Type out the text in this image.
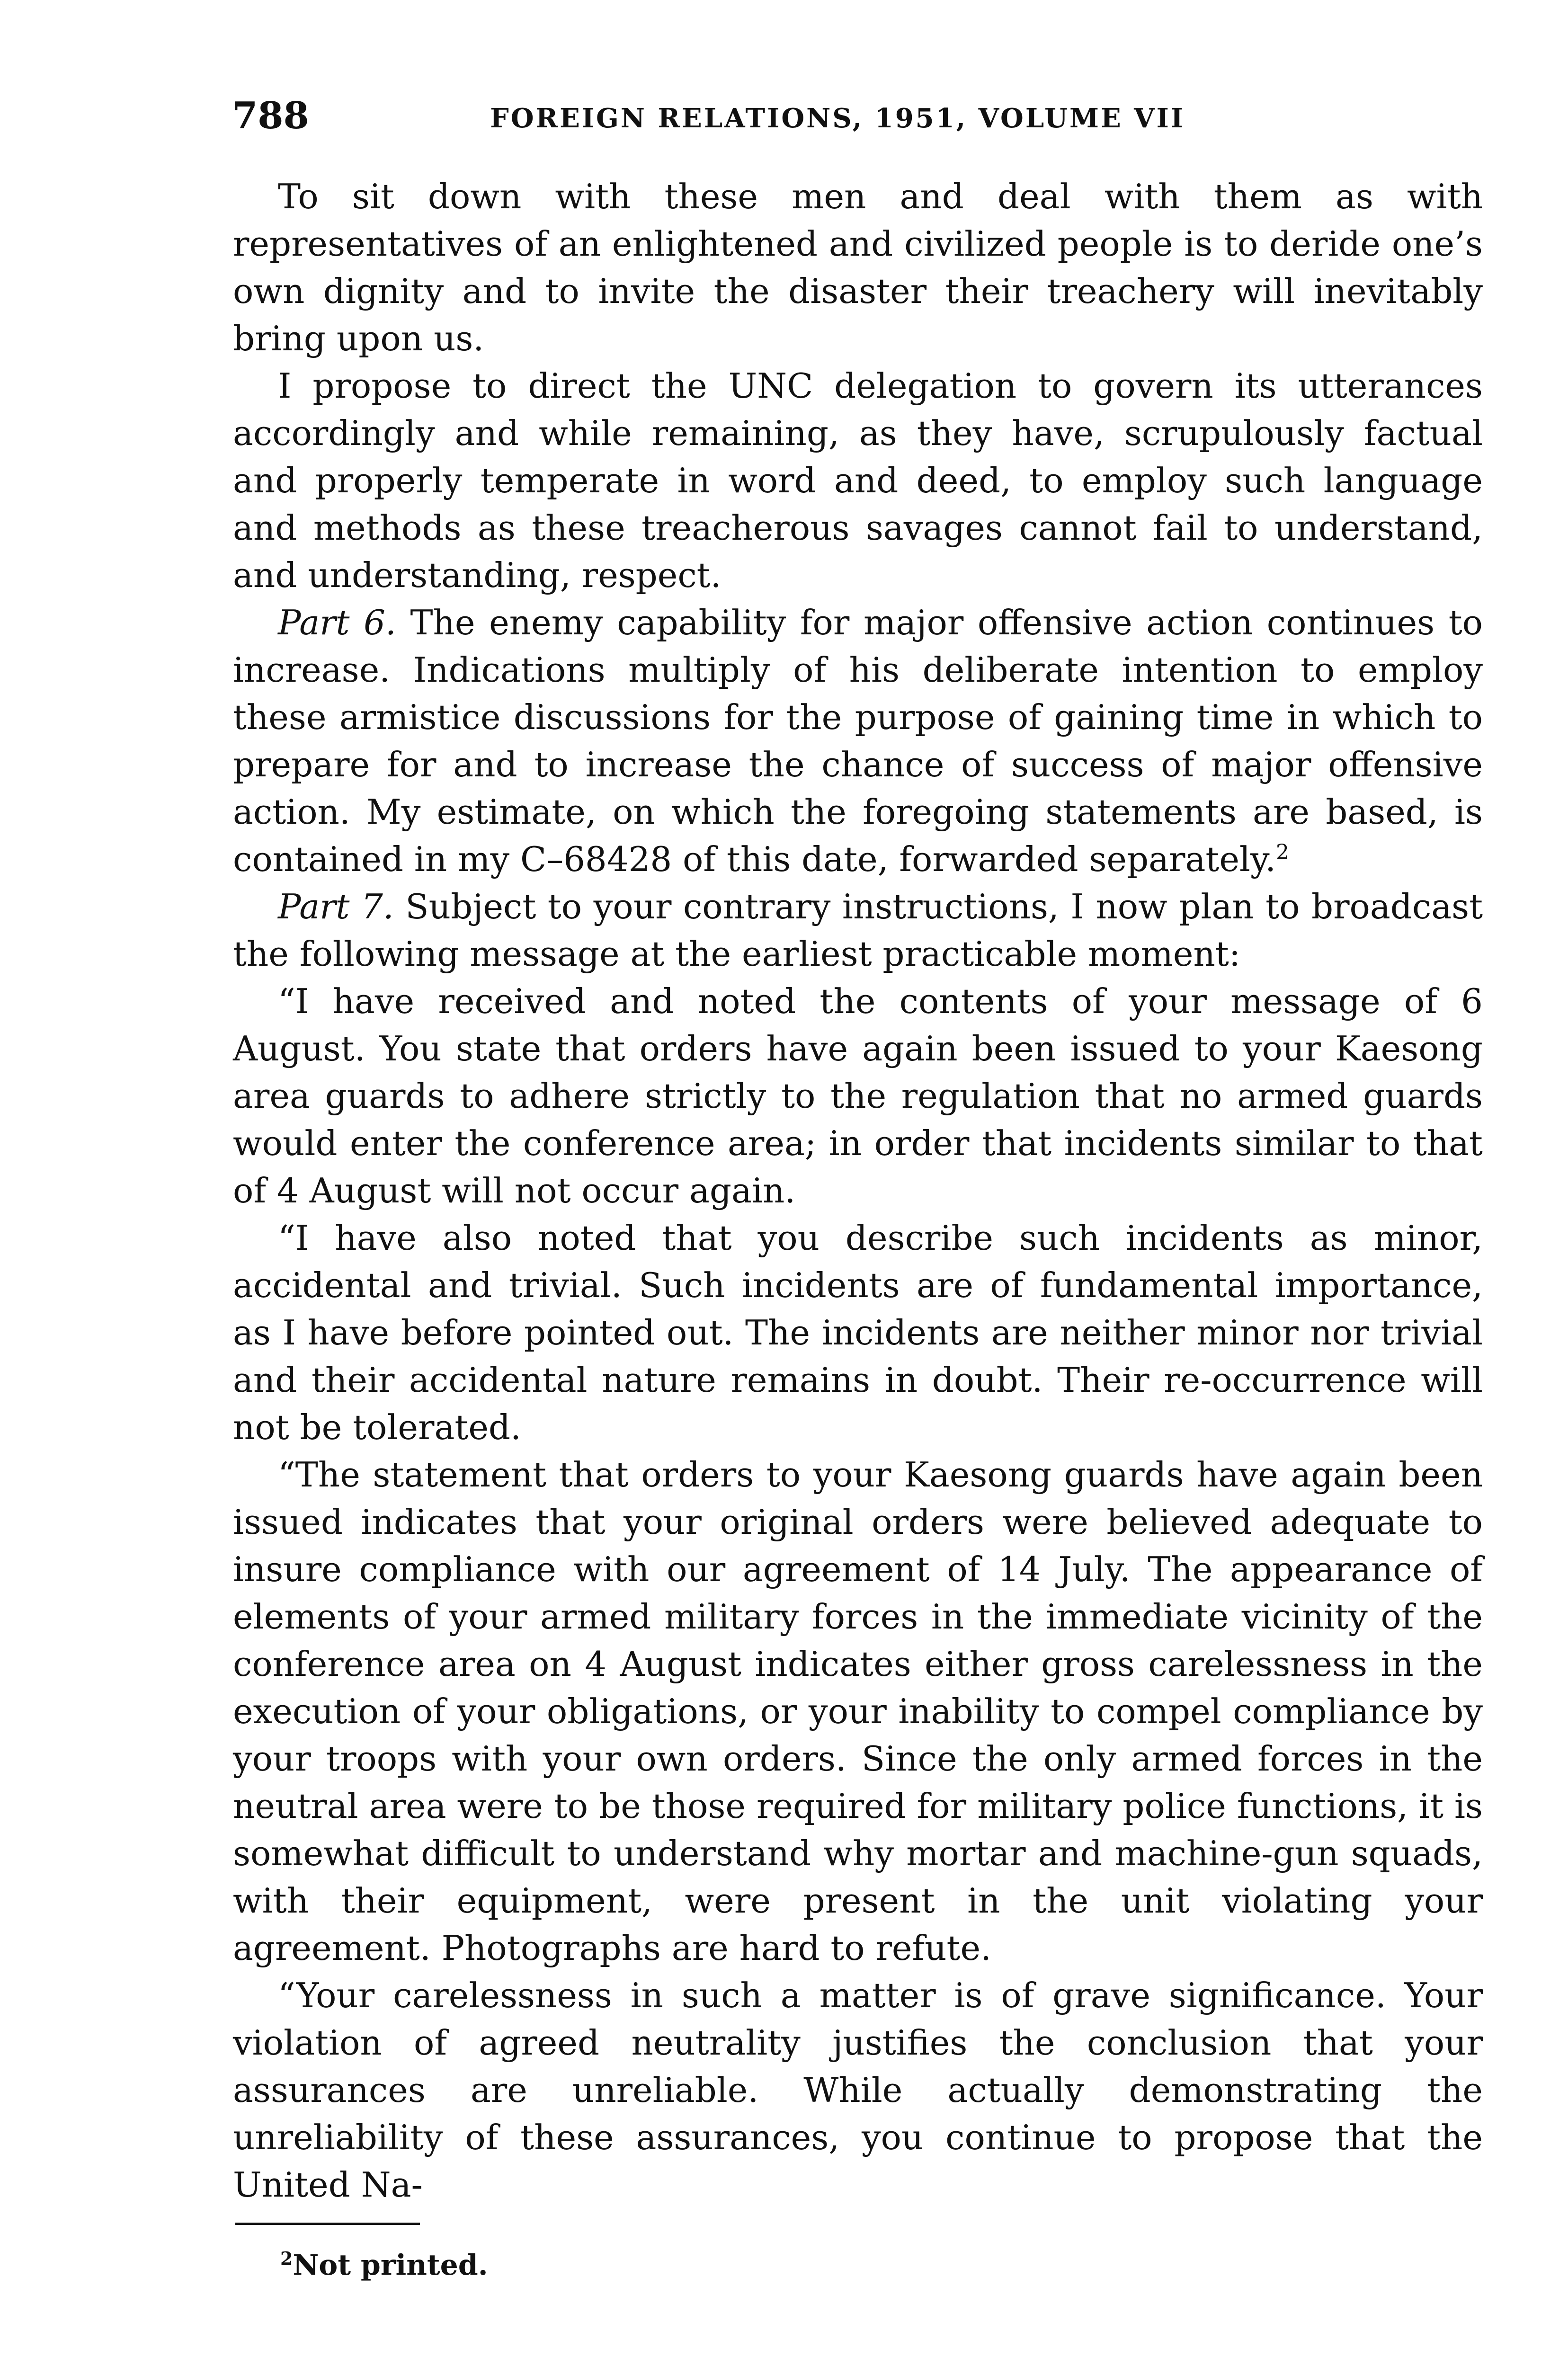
788	FOREIGN RELATIONS, 1951, VOLUME VII

To sit down with these men and deal with them as with representatives of an enlightened and civilized people is to deride one’s own dignity and to invite the disaster their treachery will inevitably bring upon us.

I propose to direct the UNC delegation to govern its utterances accordingly and while remaining, as they have, scrupulously factual and properly temperate in word and deed, to employ such language and methods as these treacherous savages cannot fail to understand, and understanding, respect.

Part 6. The enemy capability for major offensive action continues to increase. Indications multiply of his deliberate intention to employ these armistice discussions for the purpose of gaining time in which to prepare for and to increase the chance of success of major offensive action. My estimate, on which the foregoing statements are based, is contained in my C–68428 of this date, forwarded separately.$^2$

Part 7. Subject to your contrary instructions, I now plan to broadcast the following message at the earliest practicable moment:

“I have received and noted the contents of your message of 6 August. You state that orders have again been issued to your Kaesong area guards to adhere strictly to the regulation that no armed guards would enter the conference area; in order that incidents similar to that of 4 August will not occur again.

“I have also noted that you describe such incidents as minor, accidental and trivial. Such incidents are of fundamental importance, as I have before pointed out. The incidents are neither minor nor trivial and their accidental nature remains in doubt. Their re-occurrence will not be tolerated.

“The statement that orders to your Kaesong guards have again been issued indicates that your original orders were believed adequate to insure compliance with our agreement of 14 July. The appearance of elements of your armed military forces in the immediate vicinity of the conference area on 4 August indicates either gross carelessness in the execution of your obligations, or your inability to compel compliance by your troops with your own orders. Since the only armed forces in the neutral area were to be those required for military police functions, it is somewhat difficult to understand why mortar and machine-gun squads, with their equipment, were present in the unit violating your agreement. Photographs are hard to refute.

“Your carelessness in such a matter is of grave significance. Your violation of agreed neutrality justifies the conclusion that your assurances are unreliable. While actually demonstrating the unreliability of these assurances, you continue to propose that the United Na-

$^2$Not printed.
